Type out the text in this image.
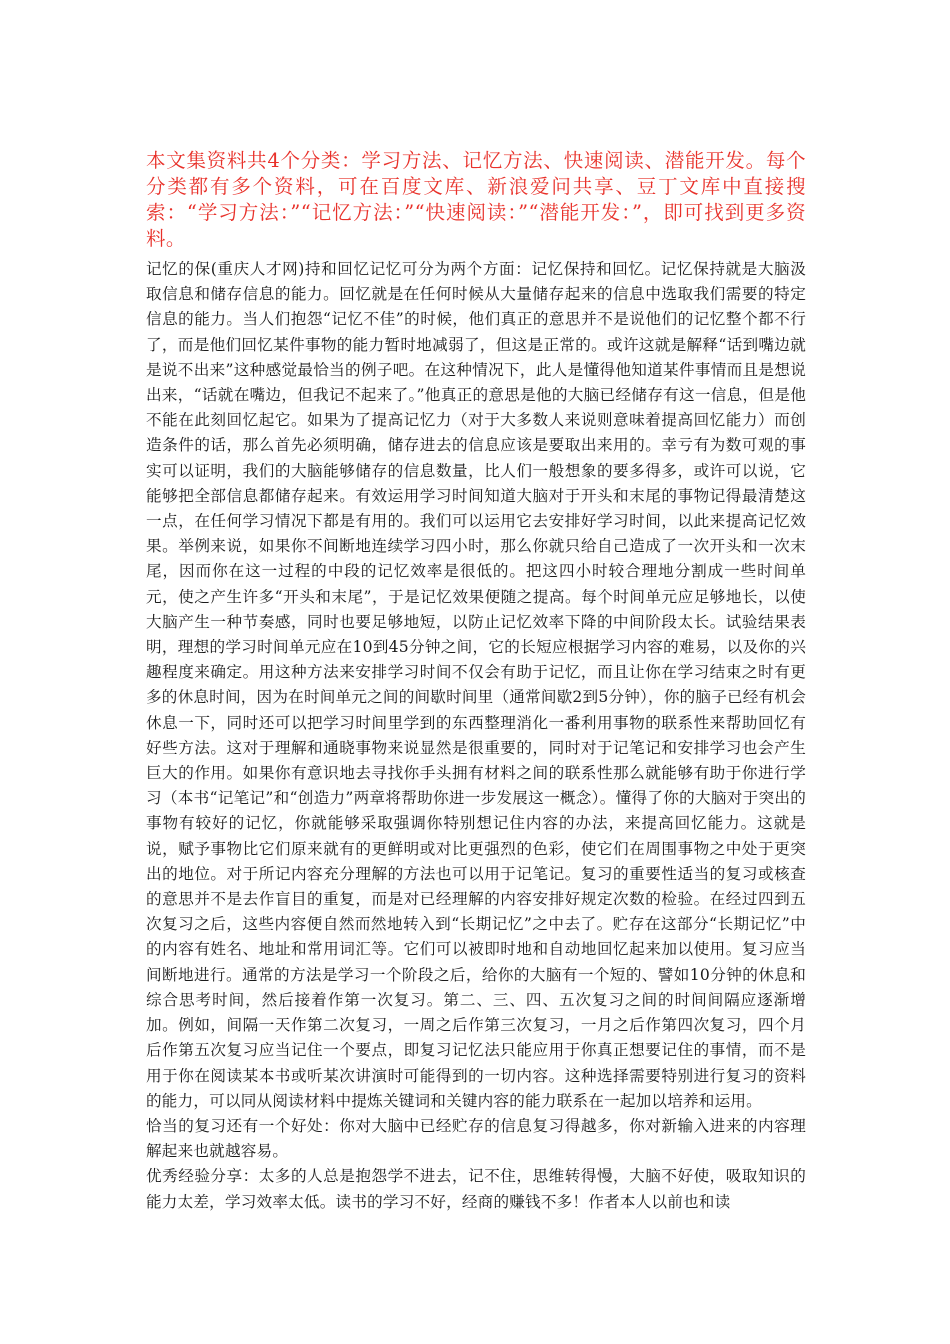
本文集资料共4个分类：学习方法、记忆方法、快速阅读、潜能开发。每个分类都有多个资料，可在百度文库、新浪爱问共享、豆丁文库中直接搜索：“学习方法：”“记忆方法：”“快速阅读：”“潜能开发：”，即可找到更多资料。

记忆的保(重庆人才网)持和回忆记忆可分为两个方面：记忆保持和回忆。记忆保持就是大脑汲取信息和储存信息的能力。回忆就是在任何时候从大量储存起来的信息中选取我们需要的特定信息的能力。当人们抱怨“记忆不佳”的时候，他们真正的意思并不是说他们的记忆整个都不行了，而是他们回忆某件事物的能力暂时地减弱了，但这是正常的。或许这就是解释“话到嘴边就是说不出来”这种感觉最恰当的例子吧。在这种情况下，此人是懂得他知道某件事情而且是想说出来，“话就在嘴边，但我记不起来了。”他真正的意思是他的大脑已经储存有这一信息，但是他不能在此刻回忆起它。如果为了提高记忆力（对于大多数人来说则意味着提高回忆能力）而创造条件的话，那么首先必须明确，储存进去的信息应该是要取出来用的。幸亏有为数可观的事实可以证明，我们的大脑能够储存的信息数量，比人们一般想象的要多得多，或许可以说，它能够把全部信息都储存起来。有效运用学习时间知道大脑对于开头和末尾的事物记得最清楚这一点，在任何学习情况下都是有用的。我们可以运用它去安排好学习时间，以此来提高记忆效果。举例来说，如果你不间断地连续学习四小时，那么你就只给自己造成了一次开头和一次末尾，因而你在这一过程的中段的记忆效率是很低的。把这四小时较合理地分割成一些时间单元，使之产生许多“开头和末尾”，于是记忆效果便随之提高。每个时间单元应足够地长，以使大脑产生一种节奏感，同时也要足够地短，以防止记忆效率下降的中间阶段太长。试验结果表明，理想的学习时间单元应在10到45分钟之间，它的长短应根据学习内容的难易，以及你的兴趣程度来确定。用这种方法来安排学习时间不仅会有助于记忆，而且让你在学习结束之时有更多的休息时间，因为在时间单元之间的间歇时间里（通常间歇2到5分钟），你的脑子已经有机会休息一下，同时还可以把学习时间里学到的东西整理消化一番利用事物的联系性来帮助回忆有好些方法。这对于理解和通晓事物来说显然是很重要的，同时对于记笔记和安排学习也会产生巨大的作用。如果你有意识地去寻找你手头拥有材料之间的联系性那么就能够有助于你进行学习（本书“记笔记”和“创造力”两章将帮助你进一步发展这一概念）。懂得了你的大脑对于突出的事物有较好的记忆，你就能够采取强调你特别想记住内容的办法，来提高回忆能力。这就是说，赋予事物比它们原来就有的更鲜明或对比更强烈的色彩，使它们在周围事物之中处于更突出的地位。对于所记内容充分理解的方法也可以用于记笔记。复习的重要性适当的复习或核查的意思并不是去作盲目的重复，而是对已经理解的内容安排好规定次数的检验。在经过四到五次复习之后，这些内容便自然而然地转入到“长期记忆”之中去了。贮存在这部分“长期记忆”中的内容有姓名、地址和常用词汇等。它们可以被即时地和自动地回忆起来加以使用。复习应当间断地进行。通常的方法是学习一个阶段之后，给你的大脑有一个短的、譬如10分钟的休息和综合思考时间，然后接着作第一次复习。第二、三、四、五次复习之间的时间间隔应逐渐增加。例如，间隔一天作第二次复习，一周之后作第三次复习，一月之后作第四次复习，四个月后作第五次复习应当记住一个要点，即复习记忆法只能应用于你真正想要记住的事情，而不是用于你在阅读某本书或听某次讲演时可能得到的一切内容。这种选择需要特别进行复习的资料的能力，可以同从阅读材料中提炼关键词和关键内容的能力联系在一起加以培养和运用。

恰当的复习还有一个好处：你对大脑中已经贮存的信息复习得越多，你对新输入进来的内容理解起来也就越容易。

优秀经验分享：太多的人总是抱怨学不进去，记不住，思维转得慢，大脑不好使，吸取知识的能力太差，学习效率太低。读书的学习不好，经商的赚钱不多！作者本人以前也和读
